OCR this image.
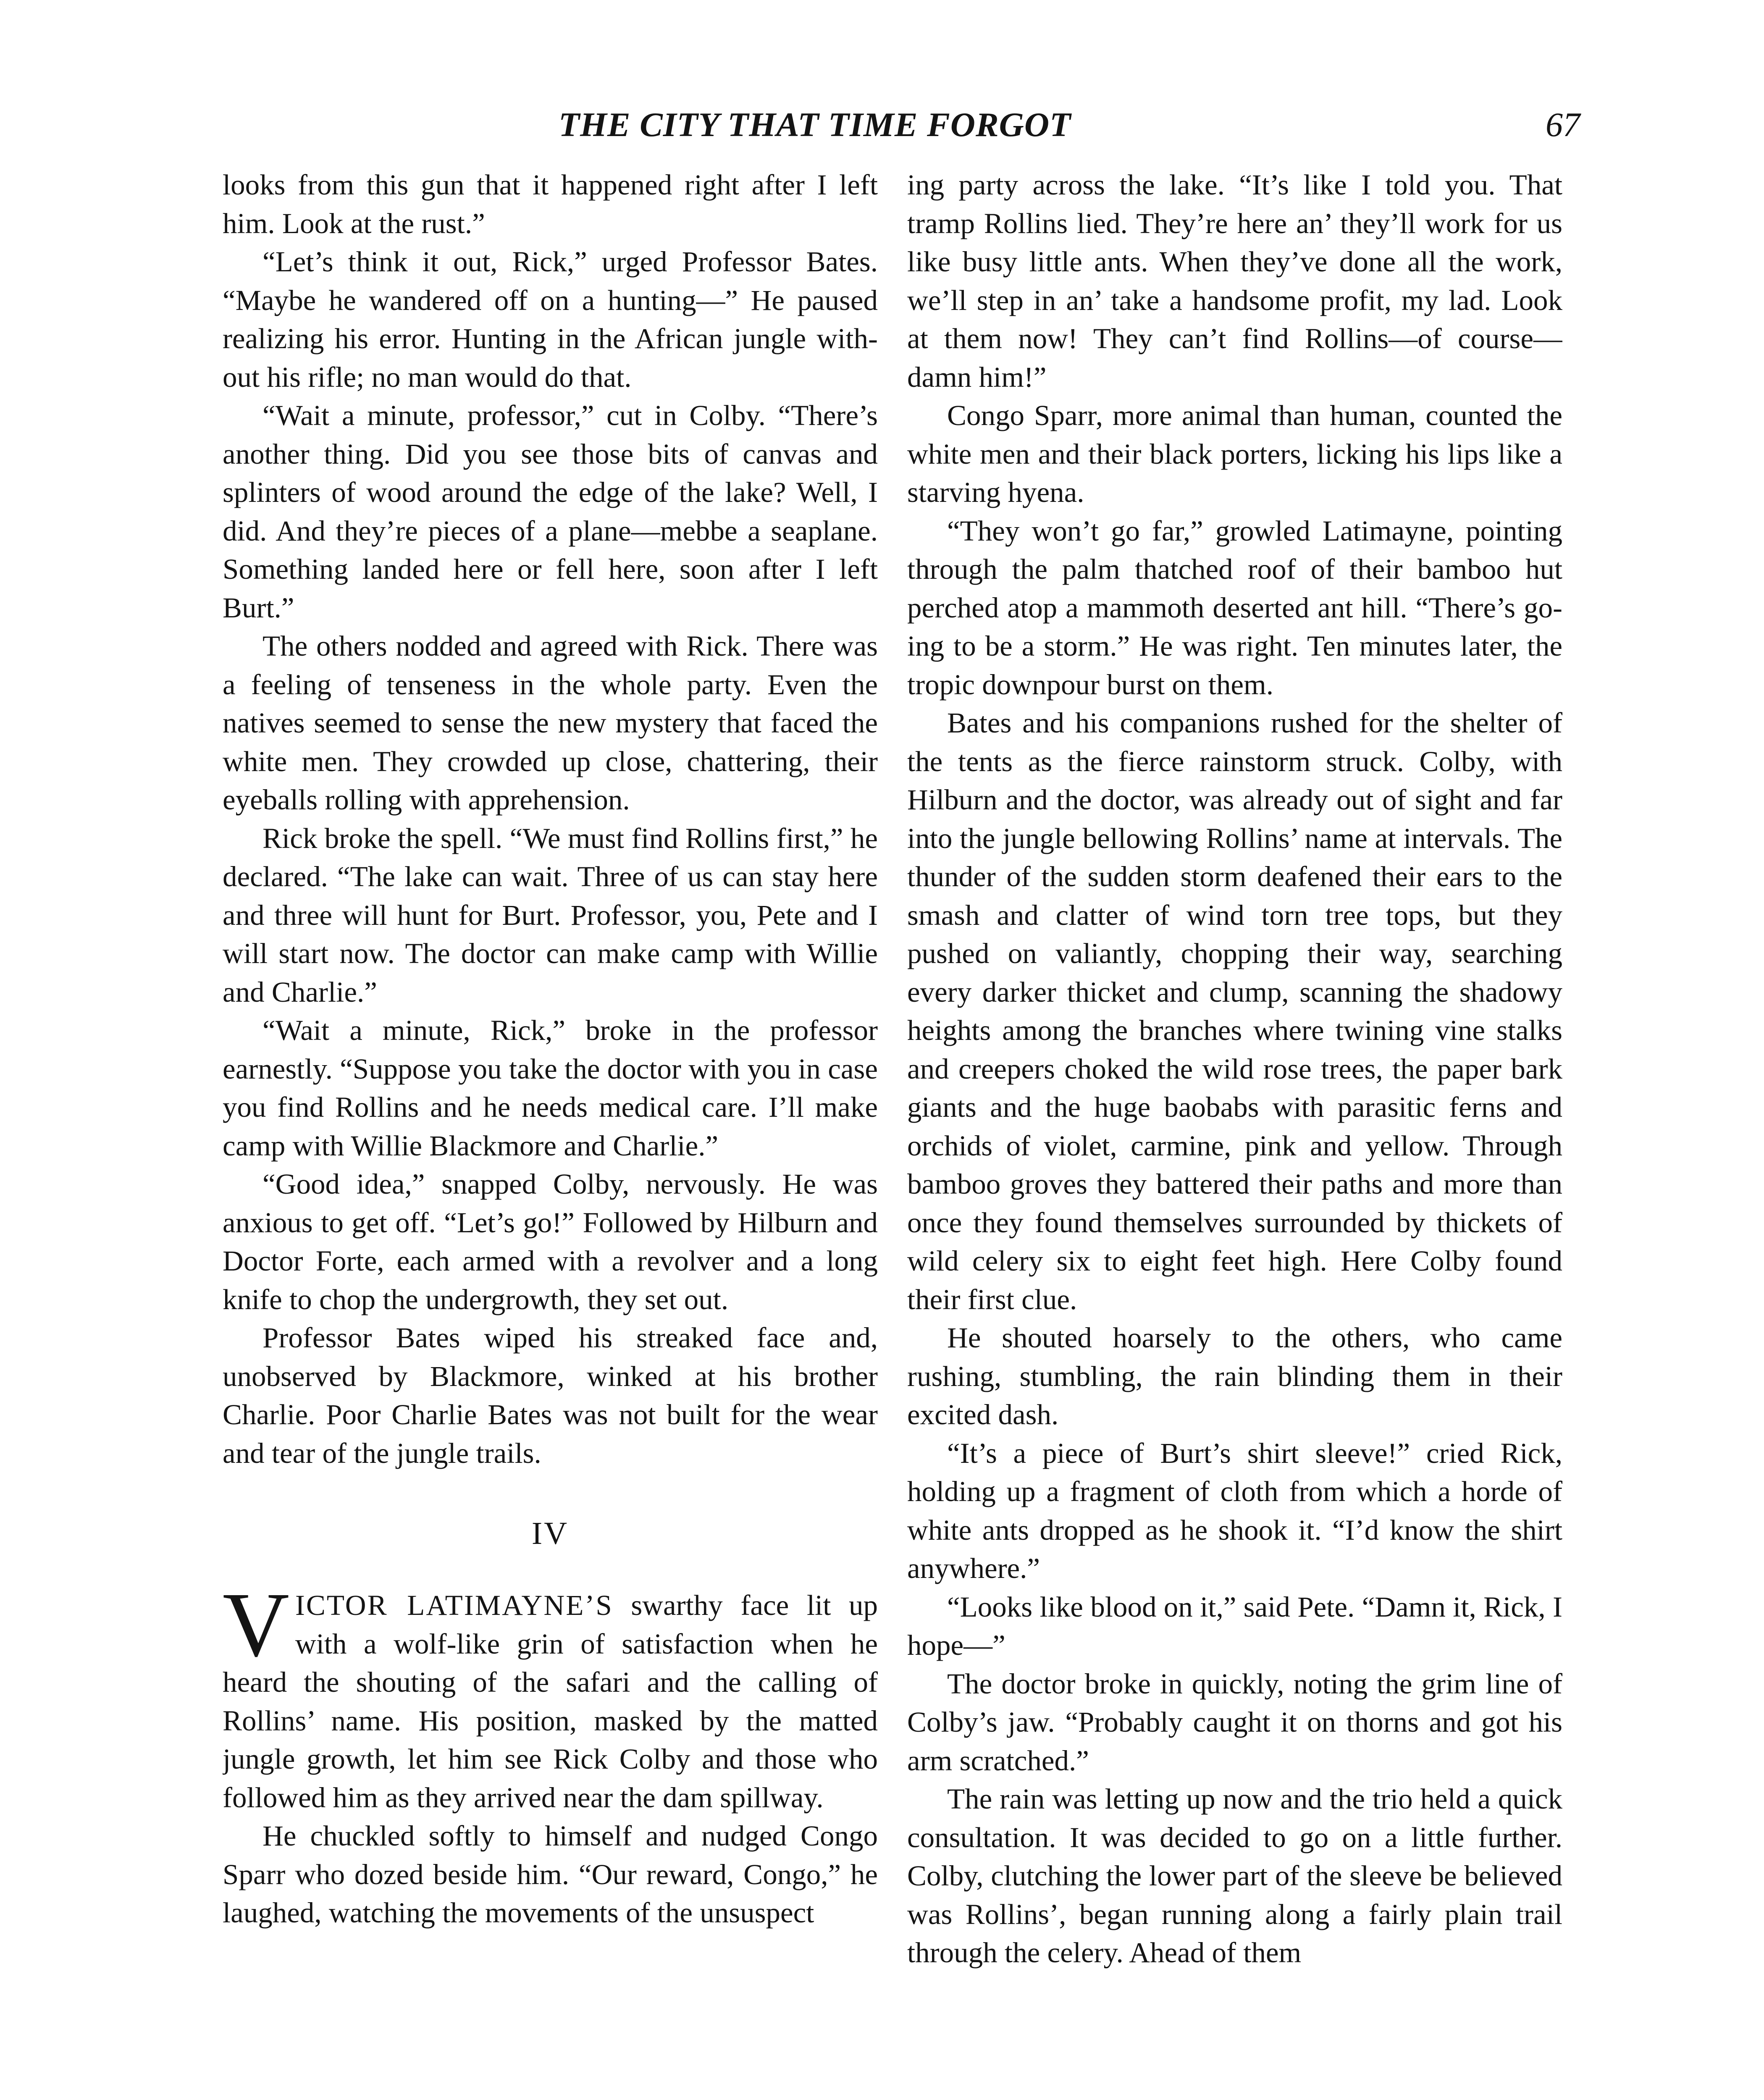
THE CITY THAT TIME FORGOT	67

looks from this gun that it happened right after I left him. Look at the rust.”

“Let’s think it out, Rick,” urged Professor Bates. “Maybe he wandered off on a hunting—” He paused realizing his error. Hunting in the African jungle without his rifle; no man would do that.

“Wait a minute, professor,” cut in Colby. “There’s another thing. Did you see those bits of canvas and splinters of wood around the edge of the lake? Well, I did. And they’re pieces of a plane—mebbe a seaplane. Something landed here or fell here, soon after I left Burt.”

The others nodded and agreed with Rick. There was a feeling of tenseness in the whole party. Even the natives seemed to sense the new mystery that faced the white men. They crowded up close, chattering, their eyeballs rolling with apprehension.

Rick broke the spell. “We must find Rollins first,” he declared. “The lake can wait. Three of us can stay here and three will hunt for Burt. Professor, you, Pete and I will start now. The doctor can make camp with Willie and Charlie.”

“Wait a minute, Rick,” broke in the professor earnestly. “Suppose you take the doctor with you in case you find Rollins and he needs medical care. I’ll make camp with Willie Blackmore and Charlie.”

“Good idea,” snapped Colby, nervously. He was anxious to get off. “Let’s go!” Followed by Hilburn and Doctor Forte, each armed with a revolver and a long knife to chop the undergrowth, they set out.

Professor Bates wiped his streaked face and, unobserved by Blackmore, winked at his brother Charlie. Poor Charlie Bates was not built for the wear and tear of the jungle trails.

IV

VICTOR LATIMAYNE’S swarthy face lit up with a wolf-like grin of satisfaction when he heard the shouting of the safari and the calling of Rollins’ name. His position, masked by the matted jungle growth, let him see Rick Colby and those who followed him as they arrived near the dam spillway.

He chuckled softly to himself and nudged Congo Sparr who dozed beside him. “Our reward, Congo,” he laughed, watching the movements of the unsuspect

ing party across the lake. “It’s like I told you. That tramp Rollins lied. They’re here an’ they’ll work for us like busy little ants. When they’ve done all the work, we’ll step in an’ take a handsome profit, my lad. Look at them now! They can’t find Rollins—of course—damn him!”

Congo Sparr, more animal than human, counted the white men and their black porters, licking his lips like a starving hyena.

“They won’t go far,” growled Latimayne, pointing through the palm thatched roof of their bamboo hut perched atop a mammoth deserted ant hill. “There’s going to be a storm.” He was right. Ten minutes later, the tropic downpour burst on them.

Bates and his companions rushed for the shelter of the tents as the fierce rainstorm struck. Colby, with Hilburn and the doctor, was already out of sight and far into the jungle bellowing Rollins’ name at intervals. The thunder of the sudden storm deafened their ears to the smash and clatter of wind torn tree tops, but they pushed on valiantly, chopping their way, searching every darker thicket and clump, scanning the shadowy heights among the branches where twining vine stalks and creepers choked the wild rose trees, the paper bark giants and the huge baobabs with parasitic ferns and orchids of violet, carmine, pink and yellow. Through bamboo groves they battered their paths and more than once they found themselves surrounded by thickets of wild celery six to eight feet high. Here Colby found their first clue.

He shouted hoarsely to the others, who came rushing, stumbling, the rain blinding them in their excited dash.

“It’s a piece of Burt’s shirt sleeve!” cried Rick, holding up a fragment of cloth from which a horde of white ants dropped as he shook it. “I’d know the shirt anywhere.”

“Looks like blood on it,” said Pete. “Damn it, Rick, I hope—”

The doctor broke in quickly, noting the grim line of Colby’s jaw. “Probably caught it on thorns and got his arm scratched.”

The rain was letting up now and the trio held a quick consultation. It was decided to go on a little further. Colby, clutching the lower part of the sleeve be believed was Rollins’, began running along a fairly plain trail through the celery. Ahead of them
